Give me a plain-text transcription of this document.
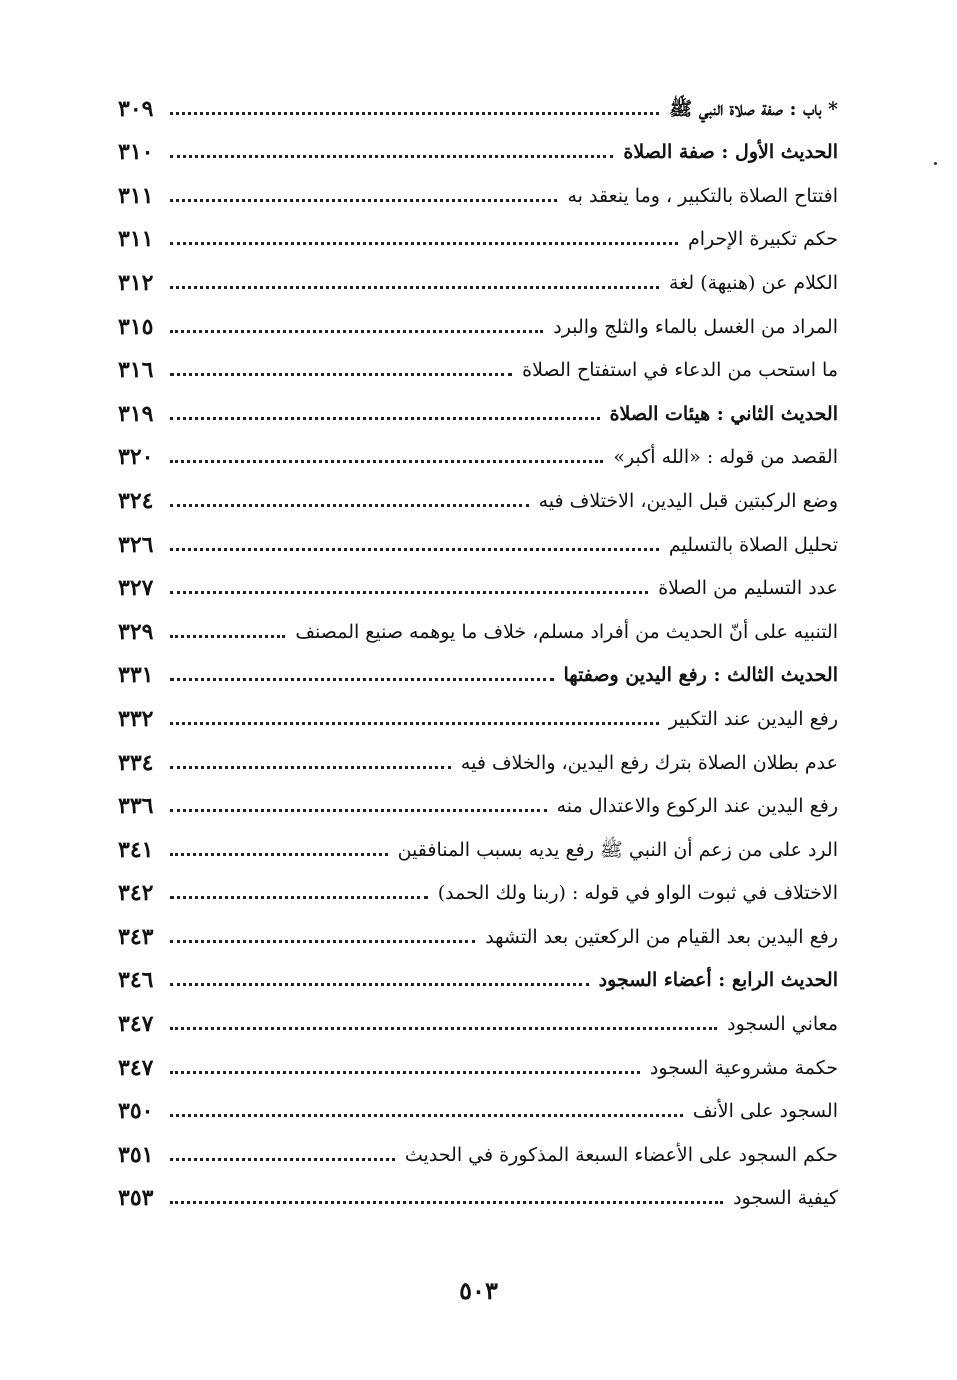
٣٠٩	* باب : صفة صلاة النبي ﷺ
٣١٠	الحديث الأول : صفة الصلاة
٣١١	افتتاح الصلاة بالتكبير ، وما ينعقد به
٣١١	حكم تكبيرة الإحرام
٣١٢	الكلام عن (هنيهة) لغة
٣١٥	المراد من الغسل بالماء والثلج والبرد
٣١٦	ما استحب من الدعاء في استفتاح الصلاة
٣١٩	الحديث الثاني : هيئات الصلاة
٣٢٠	القصد من قوله : «الله أكبر»
٣٢٤	وضع الركبتين قبل اليدين، الاختلاف فيه
٣٢٦	تحليل الصلاة بالتسليم
٣٢٧	عدد التسليم من الصلاة
٣٢٩	التنبيه على أنّ الحديث من أفراد مسلم، خلاف ما يوهمه صنيع المصنف
٣٣١	الحديث الثالث : رفع اليدين وصفتها
٣٣٢	رفع اليدين عند التكبير
٣٣٤	عدم بطلان الصلاة بترك رفع اليدين، والخلاف فيه
٣٣٦	رفع اليدين عند الركوع والاعتدال منه
٣٤١	الرد على من زعم أن النبي ﷺ رفع يديه بسبب المنافقين
٣٤٢	الاختلاف في ثبوت الواو في قوله : (ربنا ولك الحمد)
٣٤٣	رفع اليدين بعد القيام من الركعتين بعد التشهد
٣٤٦	الحديث الرابع : أعضاء السجود
٣٤٧	معاني السجود
٣٤٧	حكمة مشروعية السجود
٣٥٠	السجود على الأنف
٣٥١	حكم السجود على الأعضاء السبعة المذكورة في الحديث
٣٥٣	كيفية السجود
٥٠٣
